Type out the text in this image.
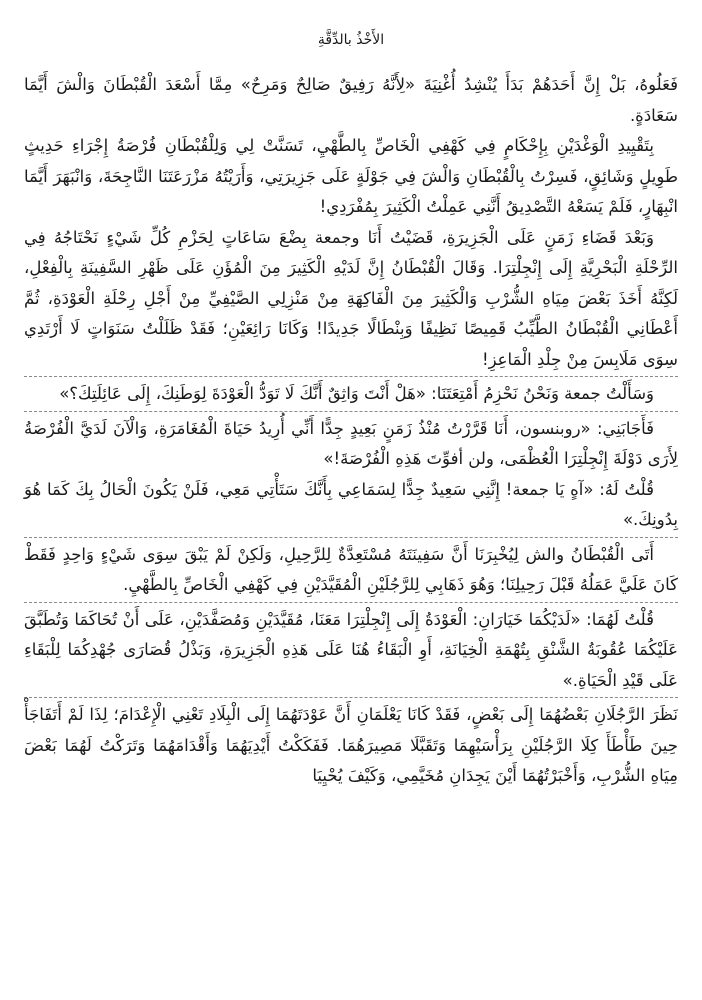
الأَخْذُ بالدِّقَّةِ

فَعَلُوهُ، بَلْ إِنَّ أَحَدَهُمْ بَدَأَ يُنْشِدُ أُغْنِيَةَ «لِأَنَّهُ رَفِيقٌ صَالِحٌ وَمَرِحٌ» مِمَّا أَسْعَدَ الْقُبْطَانَ وَالْشَ أَيَّمَا سَعَادَةٍ.

بِتَقْيِيدِ الْوَغْدَيْنِ بِإِحْكَامٍ فِي كَهْفِي الْخَاصِّ بِالطَّهْيِ، تَسَنَّتْ لِي وَلِلْقُبْطَانِ فُرْصَةُ إِجْرَاءِ حَدِيثٍ طَوِيلٍ وَشَائِقٍ، فَسِرْتُ بِالْقُبْطَانِ وَالْشَ فِي جَوْلَةٍ عَلَى جَزِيرَتِي، وَأَرَيْتُهُ مَزْرَعَتَنَا النَّاجِحَةَ، وَانْبَهَرَ أَيَّمَا انْبِهَارٍ، فَلَمْ يَسَعْهُ التَّصْدِيقُ أَنَّنِي عَمِلْتُ الْكَثِيرَ بِمُفْرَدِي!

وَبَعْدَ قَضَاءِ زَمَنٍ عَلَى الْجَزِيرَةِ، قَضَيْتُ أَنَا وجمعة بِضْعَ سَاعَاتٍ لِحَزْمِ كُلِّ شَيْءٍ نَحْتَاجُهُ فِي الرِّحْلَةِ الْبَحْرِيَّةِ إِلَى إِنْجِلْتِرَا. وَقَالَ الْقُبْطَانُ إِنَّ لَدَيْهِ الْكَثِيرَ مِنَ الْمُؤَنِ عَلَى ظَهْرِ السَّفِينَةِ بِالْفِعْلِ، لَكِنَّهُ أَخَذَ بَعْضَ مِيَاهِ الشُّرْبِ وَالْكَثِيرَ مِنَ الْفَاكِهَةِ مِنْ مَنْزِلِي الصَّيْفِيِّ مِنْ أَجْلِ رِحْلَةِ الْعَوْدَةِ، ثُمَّ أَعْطَانِي الْقُبْطَانُ الطَّيِّبُ قَمِيصًا نَظِيفًا وَبِنْطَالًا جَدِيدًا! وَكَانَا رَائِعَيْنِ؛ فَقَدْ ظَلَلْتُ سَنَوَاتٍ لَا أَرْتَدِي سِوَى مَلَابِسَ مِنْ جِلْدِ الْمَاعِزِ!

وَسَأَلْتُ جمعة وَنَحْنُ نَحْزِمُ أَمْتِعَتَنَا: «هَلْ أَنْتَ وَاثِقٌ أَنَّكَ لَا تَوَدُّ الْعَوْدَةَ لِوَطَنِكَ، إِلَى عَائِلَتِكَ؟»

فَأَجَابَنِي: «روبنسون، أَنَا قَرَّرْتُ مُنْذُ زَمَنٍ بَعِيدٍ جِدًّا أَنِّي أُرِيدُ حَيَاةَ الْمُغَامَرَةِ، وَالْآنَ لَدَيَّ الْفُرْصَةُ لِأَرَى دَوْلَةَ إِنْجِلْتِرَا الْعُظْمَى، ولن أفوِّتَ هَذِهِ الْفُرْصَةَ!»

قُلْتُ لَهُ: «آهٍ يَا جمعة! إِنَّنِي سَعِيدٌ جِدًّا لِسَمَاعِي بِأَنَّكَ سَتَأْتِي مَعِي، فَلَنْ يَكُونَ الْحَالُ بِكَ كَمَا هُوَ بِدُونِكَ.»

أَتَى الْقُبْطَانُ والش لِيُخْبِرَنَا أَنَّ سَفِينَتَهُ مُسْتَعِدَّةٌ لِلرَّحِيلِ، وَلَكِنْ لَمْ يَبْقَ سِوَى شَيْءٍ وَاحِدٍ فَقَطْ كَانَ عَلَيَّ عَمَلُهُ قَبْلَ رَحِيلِنَا؛ وَهُوَ ذَهَابِي لِلرَّجُلَيْنِ الْمُقَيَّدَيْنِ فِي كَهْفِي الْخَاصِّ بِالطَّهْيِ.

قُلْتُ لَهُمَا: «لَدَيْكُمَا خَيَارَانِ: الْعَوْدَةُ إِلَى إِنْجِلْتِرَا مَعَنَا، مُقَيَّدَيْنِ وَمُصَفَّدَيْنِ، عَلَى أَنْ تُحَاكَمَا وَتُطَبَّقَ عَلَيْكُمَا عُقُوبَةُ الشَّنْقِ بِتُهْمَةِ الْخِيَانَةِ، أَوِ الْبَقَاءُ هُنَا عَلَى هَذِهِ الْجَزِيرَةِ، وَبَذْلُ قُصَارَى جُهْدِكُمَا لِلْبَقَاءِ عَلَى قَيْدِ الْحَيَاةِ.»

نَظَرَ الرَّجُلَانِ بَعْضُهُمَا إِلَى بَعْضٍ، فَقَدْ كَانَا يَعْلَمَانِ أَنَّ عَوْدَتَهُمَا إِلَى الْبِلَادِ تَعْنِي الْإِعْدَامَ؛ لِذَا لَمْ أَتَفَاجَأْ حِينَ طَأْطَأَ كِلَا الرَّجُلَيْنِ بِرَأْسَيْهِمَا وَتَقَبَّلَا مَصِيرَهُمَا. فَفَكَكْتُ أَيْدِيَهُمَا وَأَقْدَامَهُمَا وَتَرَكْتُ لَهُمَا بَعْضَ مِيَاهِ الشُّرْبِ، وَأَخْبَرْتُهُمَا أَيْنَ يَجِدَانِ مُخَيَّمِي، وَكَيْفَ يُحْيِيَا
